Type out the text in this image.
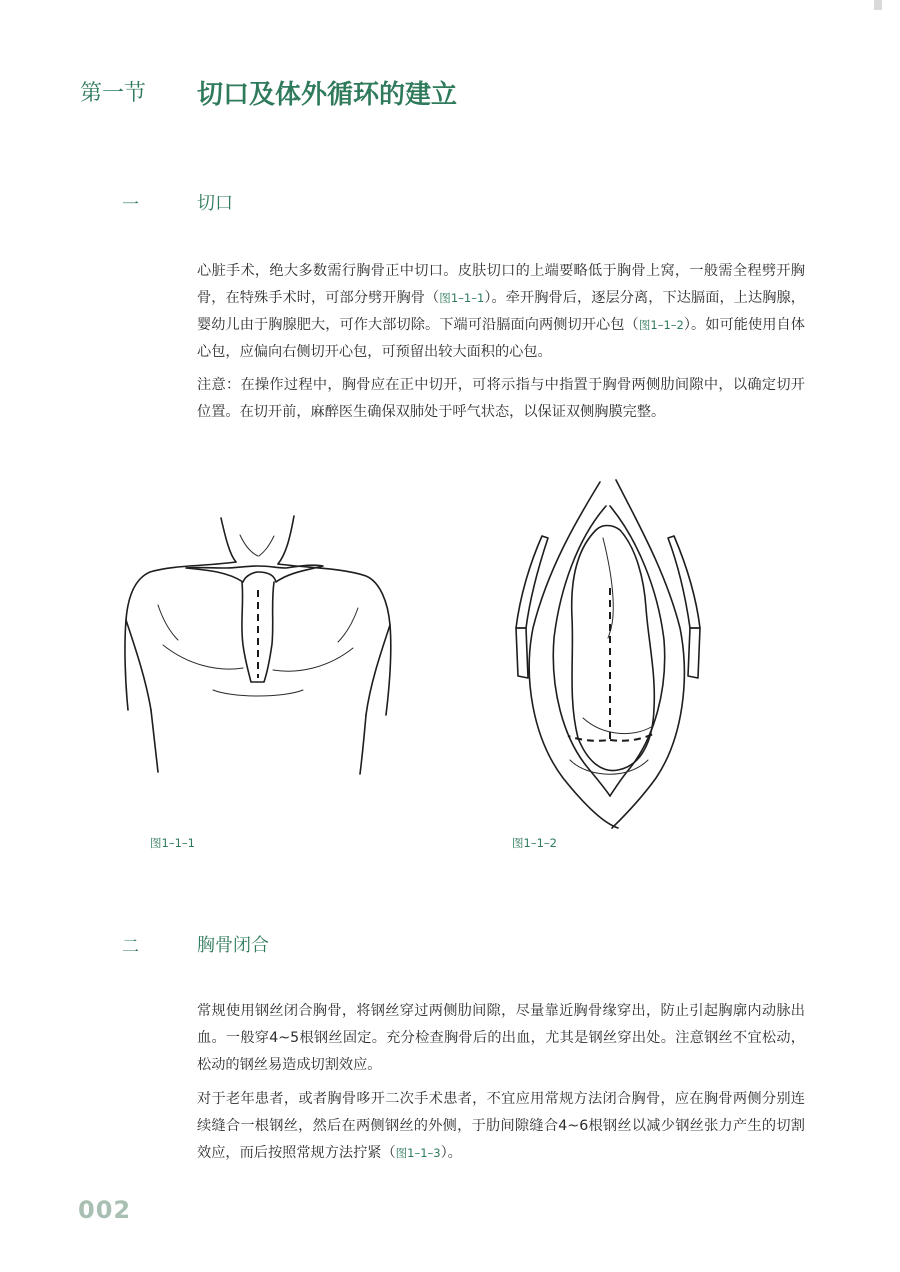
第一节 切口及体外循环的建立
一	切口

心脏手术，绝大多数需行胸骨正中切口。皮肤切口的上端要略低于胸骨上窝，一般需全程劈开胸骨，在特殊手术时，可部分劈开胸骨（图1–1–1）。牵开胸骨后，逐层分离，下达膈面，上达胸腺，婴幼儿由于胸腺肥大，可作大部切除。下端可沿膈面向两侧切开心包（图1–1–2）。如可能使用自体心包，应偏向右侧切开心包，可预留出较大面积的心包。

注意：在操作过程中，胸骨应在正中切开，可将示指与中指置于胸骨两侧肋间隙中，以确定切开位置。在切开前，麻醉医生确保双肺处于呼气状态，以保证双侧胸膜完整。

图1–1–1	图1–1–2
二	胸骨闭合

常规使用钢丝闭合胸骨，将钢丝穿过两侧肋间隙，尽量靠近胸骨缘穿出，防止引起胸廓内动脉出血。一般穿4~5根钢丝固定。充分检查胸骨后的出血，尤其是钢丝穿出处。注意钢丝不宜松动，松动的钢丝易造成切割效应。

对于老年患者，或者胸骨哆开二次手术患者，不宜应用常规方法闭合胸骨，应在胸骨两侧分别连续缝合一根钢丝，然后在两侧钢丝的外侧，于肋间隙缝合4~6根钢丝以减少钢丝张力产生的切割效应，而后按照常规方法拧紧（图1–1–3）。

002
